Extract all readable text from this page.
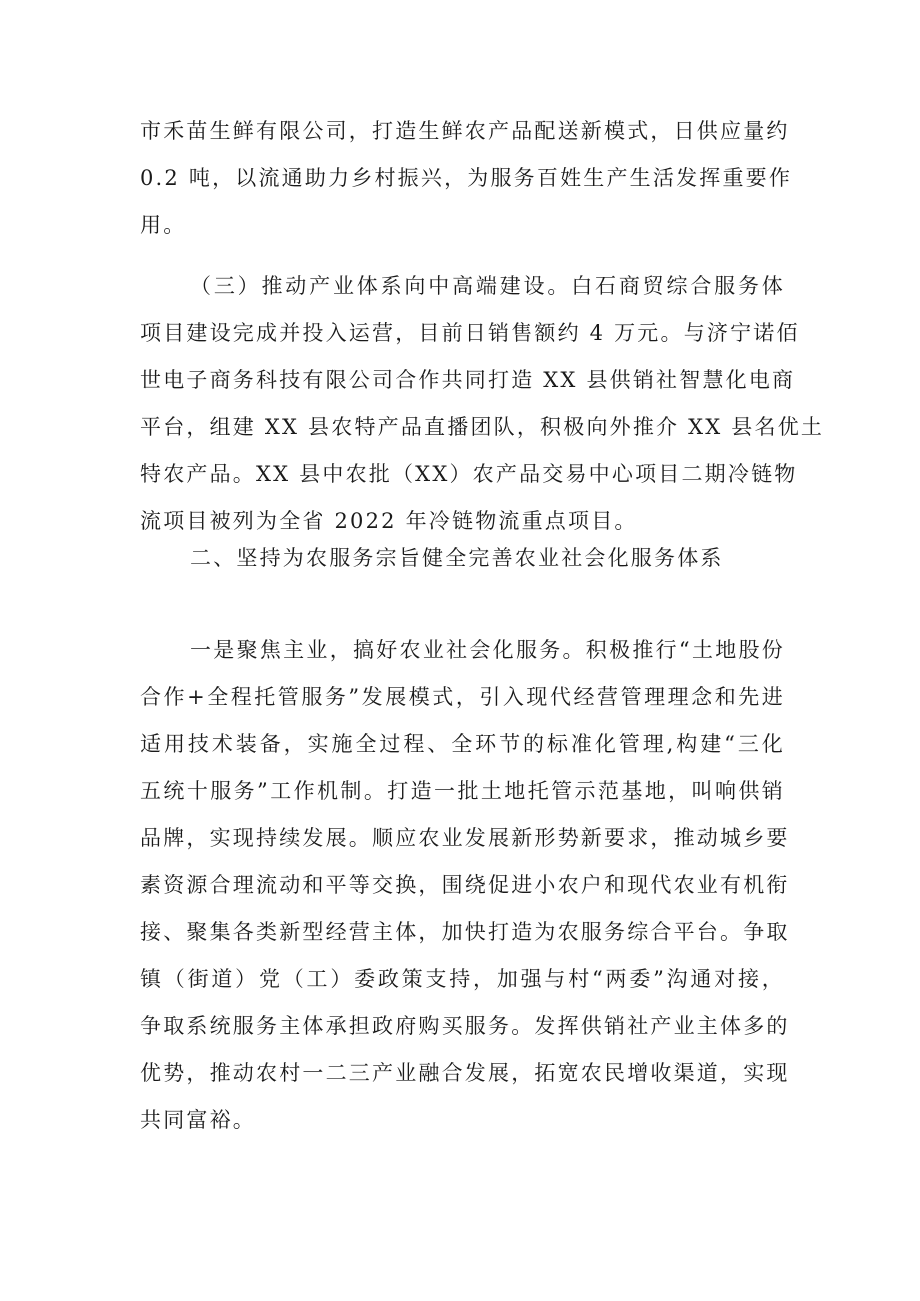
市禾苗生鲜有限公司，打造生鲜农产品配送新模式，日供应量约
0.2 吨，以流通助力乡村振兴，为服务百姓生产生活发挥重要作
用。
（三）推动产业体系向中高端建设。白石商贸综合服务体
项目建设完成并投入运营，目前日销售额约 4 万元。与济宁诺佰
世电子商务科技有限公司合作共同打造 XX 县供销社智慧化电商
平台，组建 XX 县农特产品直播团队，积极向外推介 XX 县名优土
特农产品。XX 县中农批（XX）农产品交易中心项目二期冷链物
流项目被列为全省 2022 年冷链物流重点项目。
二、坚持为农服务宗旨健全完善农业社会化服务体系
一是聚焦主业，搞好农业社会化服务。积极推行“土地股份
合作+全程托管服务”发展模式，引入现代经营管理理念和先进
适用技术装备，实施全过程、全环节的标准化管理,构建“三化
五统十服务”工作机制。打造一批土地托管示范基地，叫响供销
品牌，实现持续发展。顺应农业发展新形势新要求，推动城乡要
素资源合理流动和平等交换，围绕促进小农户和现代农业有机衔
接、聚集各类新型经营主体，加快打造为农服务综合平台。争取
镇（街道）党（工）委政策支持，加强与村“两委”沟通对接，
争取系统服务主体承担政府购买服务。发挥供销社产业主体多的
优势，推动农村一二三产业融合发展，拓宽农民增收渠道，实现
共同富裕。
